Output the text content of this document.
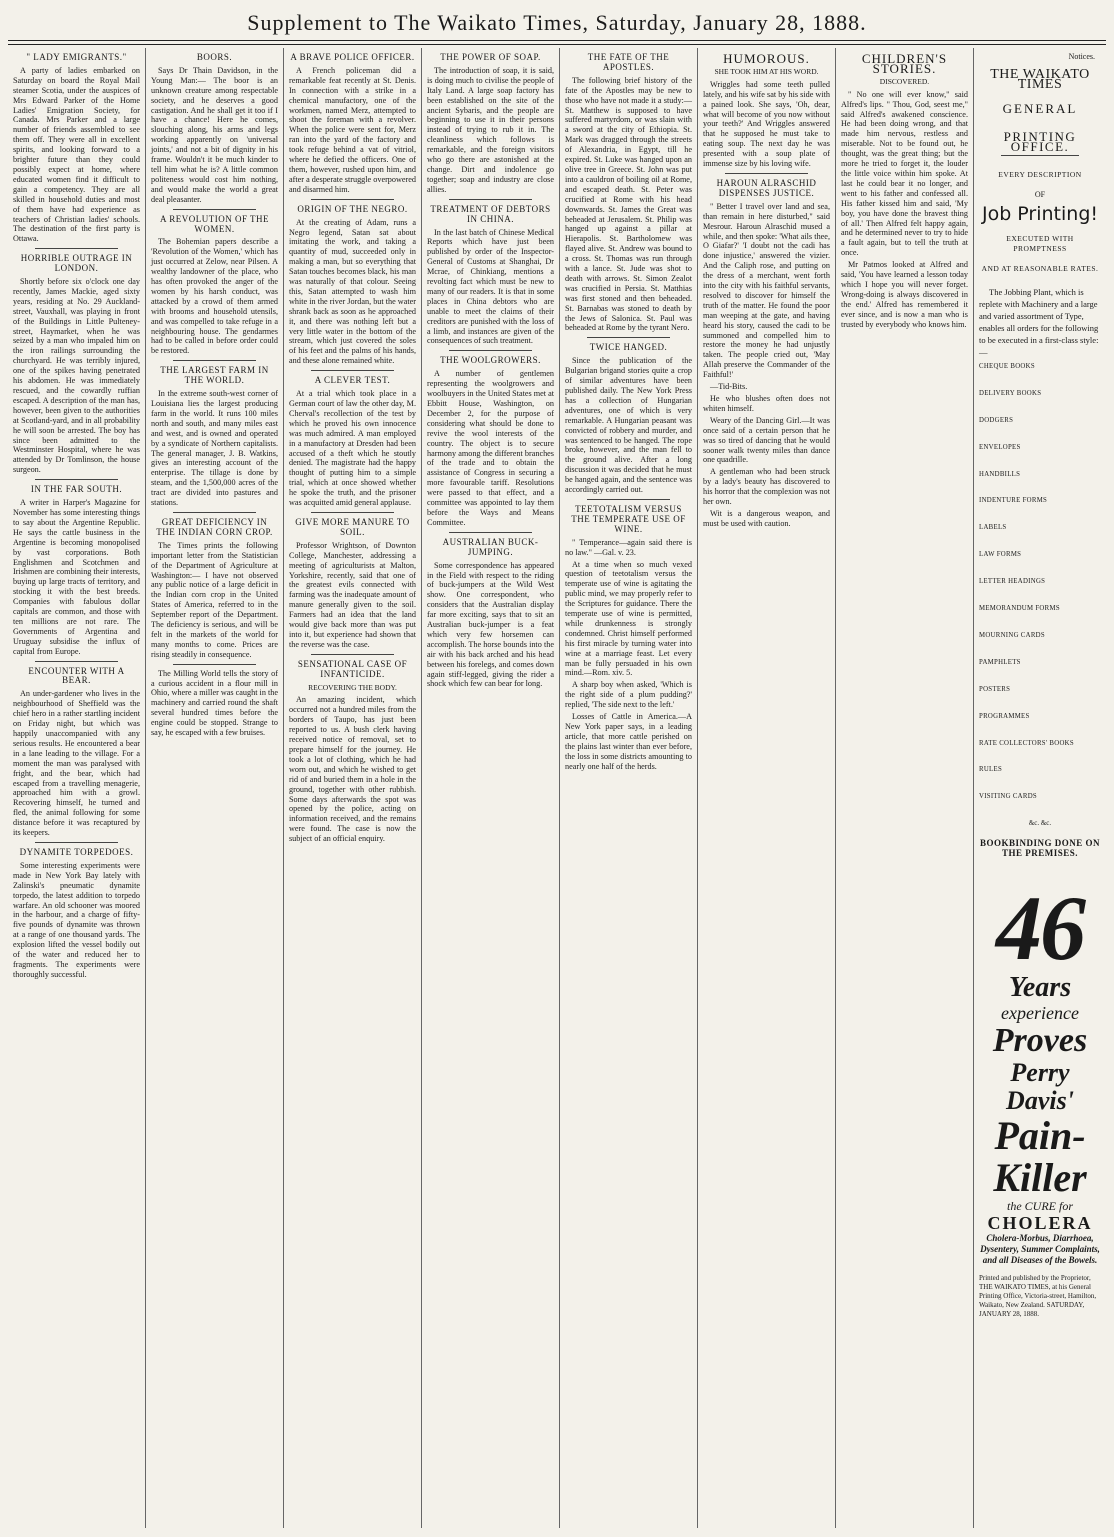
Supplement to The Waikato Times, Saturday, January 28, 1888.
" LADY EMIGRANTS."

A party of ladies embarked on Saturday on board the Royal Mail steamer Scotia, under the auspices of Mrs Edward Parker of the Home Ladies' Emigration Society, for Canada. Mrs Parker and a large number of friends assembled to see them off. They were all in excellent spirits, and looking forward to a brighter future than they could possibly expect at home, where educated women find it difficult to gain a competency. They are all skilled in household duties and most of them have had experience as teachers of Christian ladies' schools. The destination of the first party is Ottawa.

HORRIBLE OUTRAGE IN LONDON.

Shortly before six o'clock one day recently, James Mackie, aged sixty years, residing at No. 29 Auckland-street, Vauxhall, was playing in front of the Buildings in Little Pulteney-street, Haymarket, when he was seized by a man who impaled him on the iron railings surrounding the churchyard. He was terribly injured, one of the spikes having penetrated his abdomen. He was immediately rescued, and the cowardly ruffian escaped. A description of the man has, however, been given to the authorities at Scotland-yard, and in all probability he will soon be arrested. The boy has since been admitted to the Westminster Hospital, where he was attended by Dr Tomlinson, the house surgeon.

IN THE FAR SOUTH.

A writer in Harper's Magazine for November has some interesting things to say about the Argentine Republic. He says the cattle business in the Argentine is becoming monopolised by vast corporations. Both Englishmen and Scotchmen and Irishmen are combining their interests, buying up large tracts of territory, and stocking it with the best breeds. Companies with fabulous dollar capitals are common, and those with ten millions are not rare. The Governments of Argentina and Uruguay subsidise the influx of capital from Europe.

ENCOUNTER WITH A BEAR.

An under-gardener who lives in the neighbourhood of Sheffield was the chief hero in a rather startling incident on Friday night, but which was happily unaccompanied with any serious results. He encountered a bear in a lane leading to the village. For a moment the man was paralysed with fright, and the bear, which had escaped from a travelling menagerie, approached him with a growl. Recovering himself, he turned and fled, the animal following for some distance before it was recaptured by its keepers.

DYNAMITE TORPEDOES.

Some interesting experiments were made in New York Bay lately with Zalinski's pneumatic dynamite torpedo, the latest addition to torpedo warfare. An old schooner was moored in the harbour, and a charge of fifty-five pounds of dynamite was thrown at a range of one thousand yards. The explosion lifted the vessel bodily out of the water and reduced her to fragments. The experiments were thoroughly successful.

BOORS.

Says Dr Thain Davidson, in the Young Man:— The boor is an unknown creature among respectable society, and he deserves a good castigation. And he shall get it too if I have a chance! Here he comes, slouching along, his arms and legs working apparently on 'universal joints,' and not a bit of dignity in his frame. Wouldn't it be much kinder to tell him what he is? A little common politeness would cost him nothing, and would make the world a great deal pleasanter.

A REVOLUTION OF THE WOMEN.

The Bohemian papers describe a 'Revolution of the Women,' which has just occurred at Zelow, near Pilsen. A wealthy landowner of the place, who has often provoked the anger of the women by his harsh conduct, was attacked by a crowd of them armed with brooms and household utensils, and was compelled to take refuge in a neighbouring house. The gendarmes had to be called in before order could be restored.

THE LARGEST FARM IN THE WORLD.

In the extreme south-west corner of Louisiana lies the largest producing farm in the world. It runs 100 miles north and south, and many miles east and west, and is owned and operated by a syndicate of Northern capitalists. The general manager, J. B. Watkins, gives an interesting account of the enterprise. The tillage is done by steam, and the 1,500,000 acres of the tract are divided into pastures and stations.

GREAT DEFICIENCY IN THE INDIAN CORN CROP.

The Times prints the following important letter from the Statistician of the Department of Agriculture at Washington:— I have not observed any public notice of a large deficit in the Indian corn crop in the United States of America, referred to in the September report of the Department. The deficiency is serious, and will be felt in the markets of the world for many months to come. Prices are rising steadily in consequence.

The Milling World tells the story of a curious accident in a flour mill in Ohio, where a miller was caught in the machinery and carried round the shaft several hundred times before the engine could be stopped. Strange to say, he escaped with a few bruises.

A BRAVE POLICE OFFICER.

A French policeman did a remarkable feat recently at St. Denis. In connection with a strike in a chemical manufactory, one of the workmen, named Merz, attempted to shoot the foreman with a revolver. When the police were sent for, Merz ran into the yard of the factory and took refuge behind a vat of vitriol, where he defied the officers. One of them, however, rushed upon him, and after a desperate struggle overpowered and disarmed him.

ORIGIN OF THE NEGRO.

At the creating of Adam, runs a Negro legend, Satan sat about imitating the work, and taking a quantity of mud, succeeded only in making a man, but so everything that Satan touches becomes black, his man was naturally of that colour. Seeing this, Satan attempted to wash him white in the river Jordan, but the water shrank back as soon as he approached it, and there was nothing left but a very little water in the bottom of the stream, which just covered the soles of his feet and the palms of his hands, and these alone remained white.

A CLEVER TEST.

At a trial which took place in a German court of law the other day, M. Cherval's recollection of the test by which he proved his own innocence was much admired. A man employed in a manufactory at Dresden had been accused of a theft which he stoutly denied. The magistrate had the happy thought of putting him to a simple trial, which at once showed whether he spoke the truth, and the prisoner was acquitted amid general applause.

GIVE MORE MANURE TO SOIL.

Professor Wrightson, of Downton College, Manchester, addressing a meeting of agriculturists at Malton, Yorkshire, recently, said that one of the greatest evils connected with farming was the inadequate amount of manure generally given to the soil. Farmers had an idea that the land would give back more than was put into it, but experience had shown that the reverse was the case.

SENSATIONAL CASE OF INFANTICIDE.
RECOVERING THE BODY.

An amazing incident, which occurred not a hundred miles from the borders of Taupo, has just been reported to us. A bush clerk having received notice of removal, set to prepare himself for the journey. He took a lot of clothing, which he had worn out, and which he wished to get rid of and buried them in a hole in the ground, together with other rubbish. Some days afterwards the spot was opened by the police, acting on information received, and the remains were found. The case is now the subject of an official enquiry.

THE POWER OF SOAP.

The introduction of soap, it is said, is doing much to civilise the people of Italy Land. A large soap factory has been established on the site of the ancient Sybaris, and the people are beginning to use it in their persons instead of trying to rub it in. The cleanliness which follows is remarkable, and the foreign visitors who go there are astonished at the change. Dirt and indolence go together; soap and industry are close allies.

TREATMENT OF DEBTORS IN CHINA.

In the last batch of Chinese Medical Reports which have just been published by order of the Inspector-General of Customs at Shanghai, Dr Mcrae, of Chinkiang, mentions a revolting fact which must be new to many of our readers. It is that in some places in China debtors who are unable to meet the claims of their creditors are punished with the loss of a limb, and instances are given of the consequences of such treatment.

THE WOOLGROWERS.

A number of gentlemen representing the woolgrowers and woolbuyers in the United States met at Ebbitt House, Washington, on December 2, for the purpose of considering what should be done to revive the wool interests of the country. The object is to secure harmony among the different branches of the trade and to obtain the assistance of Congress in securing a more favourable tariff. Resolutions were passed to that effect, and a committee was appointed to lay them before the Ways and Means Committee.

AUSTRALIAN BUCK-JUMPING.

Some correspondence has appeared in the Field with respect to the riding of buck-jumpers at the Wild West show. One correspondent, who considers that the Australian display far more exciting, says that to sit an Australian buck-jumper is a feat which very few horsemen can accomplish. The horse bounds into the air with his back arched and his head between his forelegs, and comes down again stiff-legged, giving the rider a shock which few can bear for long.

THE FATE OF THE APOSTLES.

The following brief history of the fate of the Apostles may be new to those who have not made it a study:— St. Matthew is supposed to have suffered martyrdom, or was slain with a sword at the city of Ethiopia. St. Mark was dragged through the streets of Alexandria, in Egypt, till he expired. St. Luke was hanged upon an olive tree in Greece. St. John was put into a cauldron of boiling oil at Rome, and escaped death. St. Peter was crucified at Rome with his head downwards. St. James the Great was beheaded at Jerusalem. St. Philip was hanged up against a pillar at Hierapolis. St. Bartholomew was flayed alive. St. Andrew was bound to a cross. St. Thomas was run through with a lance. St. Jude was shot to death with arrows. St. Simon Zealot was crucified in Persia. St. Matthias was first stoned and then beheaded. St. Barnabas was stoned to death by the Jews of Salonica. St. Paul was beheaded at Rome by the tyrant Nero.

TWICE HANGED.

Since the publication of the Bulgarian brigand stories quite a crop of similar adventures have been published daily. The New York Press has a collection of Hungarian adventures, one of which is very remarkable. A Hungarian peasant was convicted of robbery and murder, and was sentenced to be hanged. The rope broke, however, and the man fell to the ground alive. After a long discussion it was decided that he must be hanged again, and the sentence was accordingly carried out.

TEETOTALISM VERSUS THE TEMPERATE USE OF WINE.

" Temperance—again said there is no law." —Gal. v. 23.

At a time when so much vexed question of teetotalism versus the temperate use of wine is agitating the public mind, we may properly refer to the Scriptures for guidance. There the temperate use of wine is permitted, while drunkenness is strongly condemned. Christ himself performed his first miracle by turning water into wine at a marriage feast. Let every man be fully persuaded in his own mind.—Rom. xiv. 5.

A sharp boy when asked, 'Which is the right side of a plum pudding?' replied, 'The side next to the left.'

Losses of Cattle in America.—A New York paper says, in a leading article, that more cattle perished on the plains last winter than ever before, the loss in some districts amounting to nearly one half of the herds.

HUMOROUS.
SHE TOOK HIM AT HIS WORD.

Wriggles had some teeth pulled lately, and his wife sat by his side with a pained look. She says, 'Oh, dear, what will become of you now without your teeth?' And Wriggles answered that he supposed he must take to eating soup. The next day he was presented with a soup plate of immense size by his loving wife.

HAROUN ALRASCHID DISPENSES JUSTICE.

" Better I travel over land and sea, than remain in here disturbed," said Mesrour. Haroun Alraschid mused a while, and then spoke: 'What ails thee, O Giafar?' 'I doubt not the cadi has done injustice,' answered the vizier. And the Caliph rose, and putting on the dress of a merchant, went forth into the city with his faithful servants, resolved to discover for himself the truth of the matter. He found the poor man weeping at the gate, and having heard his story, caused the cadi to be summoned and compelled him to restore the money he had unjustly taken. The people cried out, 'May Allah preserve the Commander of the Faithful!'

—Tid-Bits.

He who blushes often does not whiten himself.

Weary of the Dancing Girl.—It was once said of a certain person that he was so tired of dancing that he would sooner walk twenty miles than dance one quadrille.

A gentleman who had been struck by a lady's beauty has discovered to his horror that the complexion was not her own.

Wit is a dangerous weapon, and must be used with caution.

CHILDREN'S STORIES.
DISCOVERED.

" No one will ever know," said Alfred's lips. " Thou, God, seest me," said Alfred's awakened conscience. He had been doing wrong, and that made him nervous, restless and miserable. Not to be found out, he thought, was the great thing; but the more he tried to forget it, the louder the little voice within him spoke. At last he could bear it no longer, and went to his father and confessed all. His father kissed him and said, 'My boy, you have done the bravest thing of all.' Then Alfred felt happy again, and he determined never to try to hide a fault again, but to tell the truth at once.

Mr Patmos looked at Alfred and said, 'You have learned a lesson today which I hope you will never forget. Wrong-doing is always discovered in the end.' Alfred has remembered it ever since, and is now a man who is trusted by everybody who knows him.

Notices.
THE WAIKATO TIMES
GENERAL
PRINTING OFFICE.
EVERY DESCRIPTION
OF
Job Printing!
EXECUTED WITH PROMPTNESS
AND AT REASONABLE RATES.
The Jobbing Plant, which is replete with Machinery and a large and varied assortment of Type, enables all orders for the following to be executed in a first-class style:—
CHEQUE BOOKS
DELIVERY BOOKS
DODGERS
ENVELOPES
HANDBILLS
INDENTURE FORMS
LABELS
LAW FORMS
LETTER HEADINGS
MEMORANDUM FORMS
MOURNING CARDS
PAMPHLETS
POSTERS
PROGRAMMES
RATE COLLECTORS' BOOKS
RULES
VISITING CARDS
&c. &c.
BOOKBINDING DONE ON THE PREMISES.
46
Years
experience
Proves
Perry Davis'
Pain-
Killer
the CURE for
CHOLERA
Cholera-Morbus, Diarrhoea, Dysentery, Summer Complaints, and all Diseases of the Bowels.
Printed and published by the Proprietor, THE WAIKATO TIMES, at his General Printing Office, Victoria-street, Hamilton, Waikato, New Zealand. SATURDAY, JANUARY 28, 1888.
